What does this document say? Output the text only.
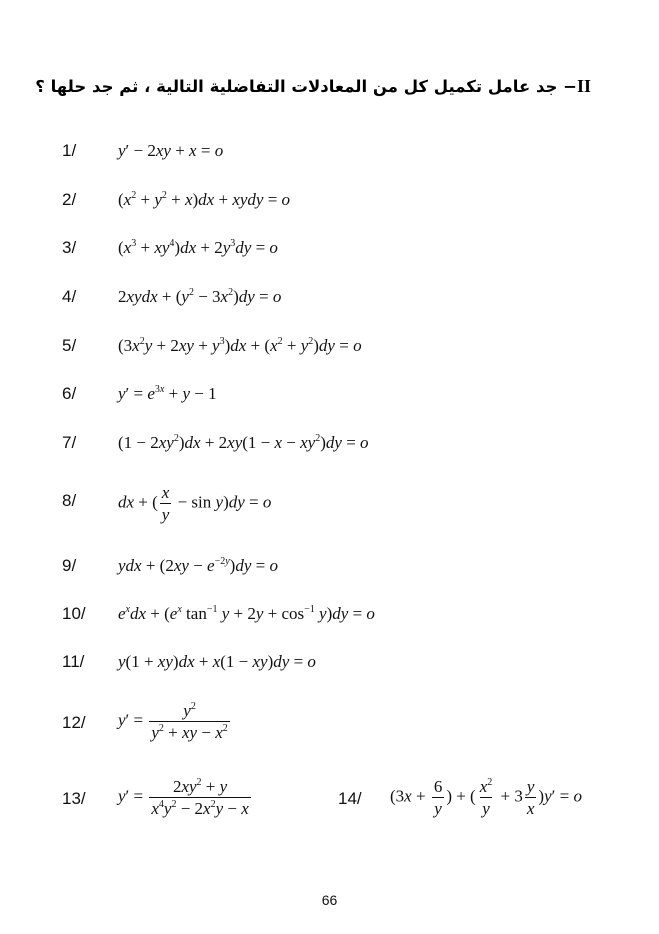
II− جد عامل تكميل كل من المعادلات التفاضلية التالية ، ثم جد حلها ؟
1/ y′ − 2xy + x = o
2/ $(x^2 + y^2 + x)dx$ + xydy = o
3/ $(x^3 + xy^4)dx + 2y^3dy = o$
4/ 2xydx + $(y^2 - 3x^2)dy = o$
5/ $(3x^2y + 2xy + y^3)dx + (x^2 + y^2)dy = o$
6/ $y' = e^{3x} + y - 1$
7/ $(1 - 2xy^2)dx + 2xy(1 - x - xy^2)dy = o$
8/ dx + ( $\frac{x}{y} - \sin y)dy = o$
9/ ydx + $(2xy - e^{-2y})dy = o$
10/ $e^xdx + (e^x$ $\tan^{-1} y + 2y + \cos^{-1} y)dy = o$
11/ y(1 + xy)dx + x(1 − xy)dy = o
12/ $y' = \frac{y^2}{y^2 + xy - x^2}$
13/ $y' = \frac{2xy^2 + y}{x^4y^2 - 2x^2y - x}$	14/ ($3x + \frac{6}{y}$ ) + ( $\frac{x^2}{y} + 3 \frac{y}{x} )y' = o$
66
